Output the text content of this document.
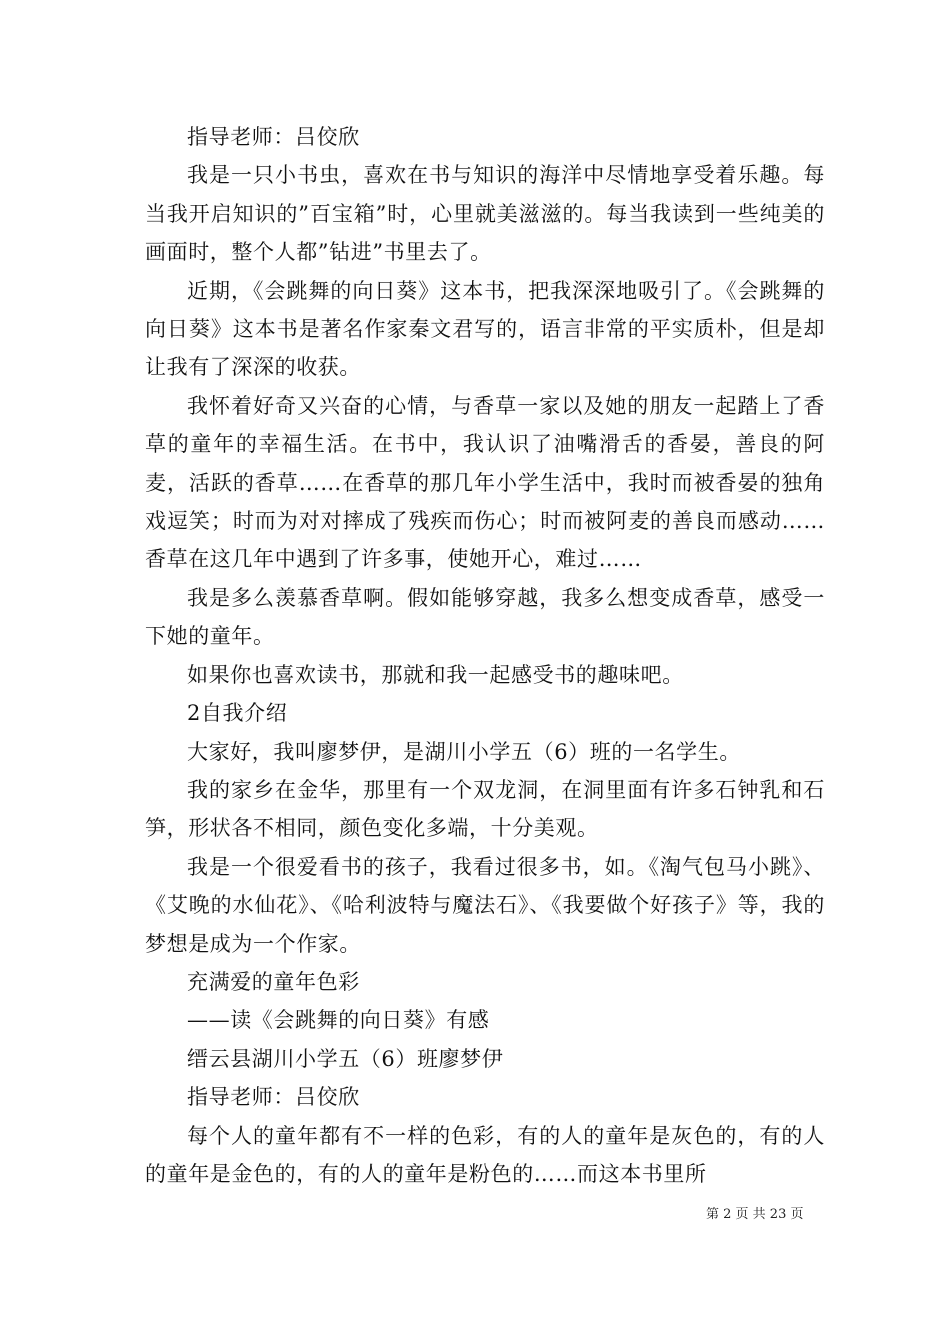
指导老师：吕佼欣

我是一只小书虫，喜欢在书与知识的海洋中尽情地享受着乐趣。每当我开启知识的”百宝箱”时，心里就美滋滋的。每当我读到一些纯美的画面时，整个人都”钻进”书里去了。

近期，《会跳舞的向日葵》这本书，把我深深地吸引了。《会跳舞的向日葵》这本书是著名作家秦文君写的，语言非常的平实质朴，但是却让我有了深深的收获。

我怀着好奇又兴奋的心情，与香草一家以及她的朋友一起踏上了香草的童年的幸福生活。在书中，我认识了油嘴滑舌的香晏，善良的阿麦，活跃的香草……在香草的那几年小学生活中，我时而被香晏的独角戏逗笑；时而为对对摔成了残疾而伤心；时而被阿麦的善良而感动……香草在这几年中遇到了许多事，使她开心，难过……

我是多么羡慕香草啊。假如能够穿越，我多么想变成香草，感受一下她的童年。

如果你也喜欢读书，那就和我一起感受书的趣味吧。

2自我介绍

大家好，我叫廖梦伊，是湖川小学五（6）班的一名学生。

我的家乡在金华，那里有一个双龙洞，在洞里面有许多石钟乳和石笋，形状各不相同，颜色变化多端，十分美观。

我是一个很爱看书的孩子，我看过很多书，如。《淘气包马小跳》、《艾晚的水仙花》、《哈利波特与魔法石》、《我要做个好孩子》等，我的梦想是成为一个作家。

充满爱的童年色彩

——读《会跳舞的向日葵》有感

缙云县湖川小学五（6）班廖梦伊

指导老师：吕佼欣

每个人的童年都有不一样的色彩，有的人的童年是灰色的，有的人的童年是金色的，有的人的童年是粉色的……而这本书里所

第 2 页 共 23 页
